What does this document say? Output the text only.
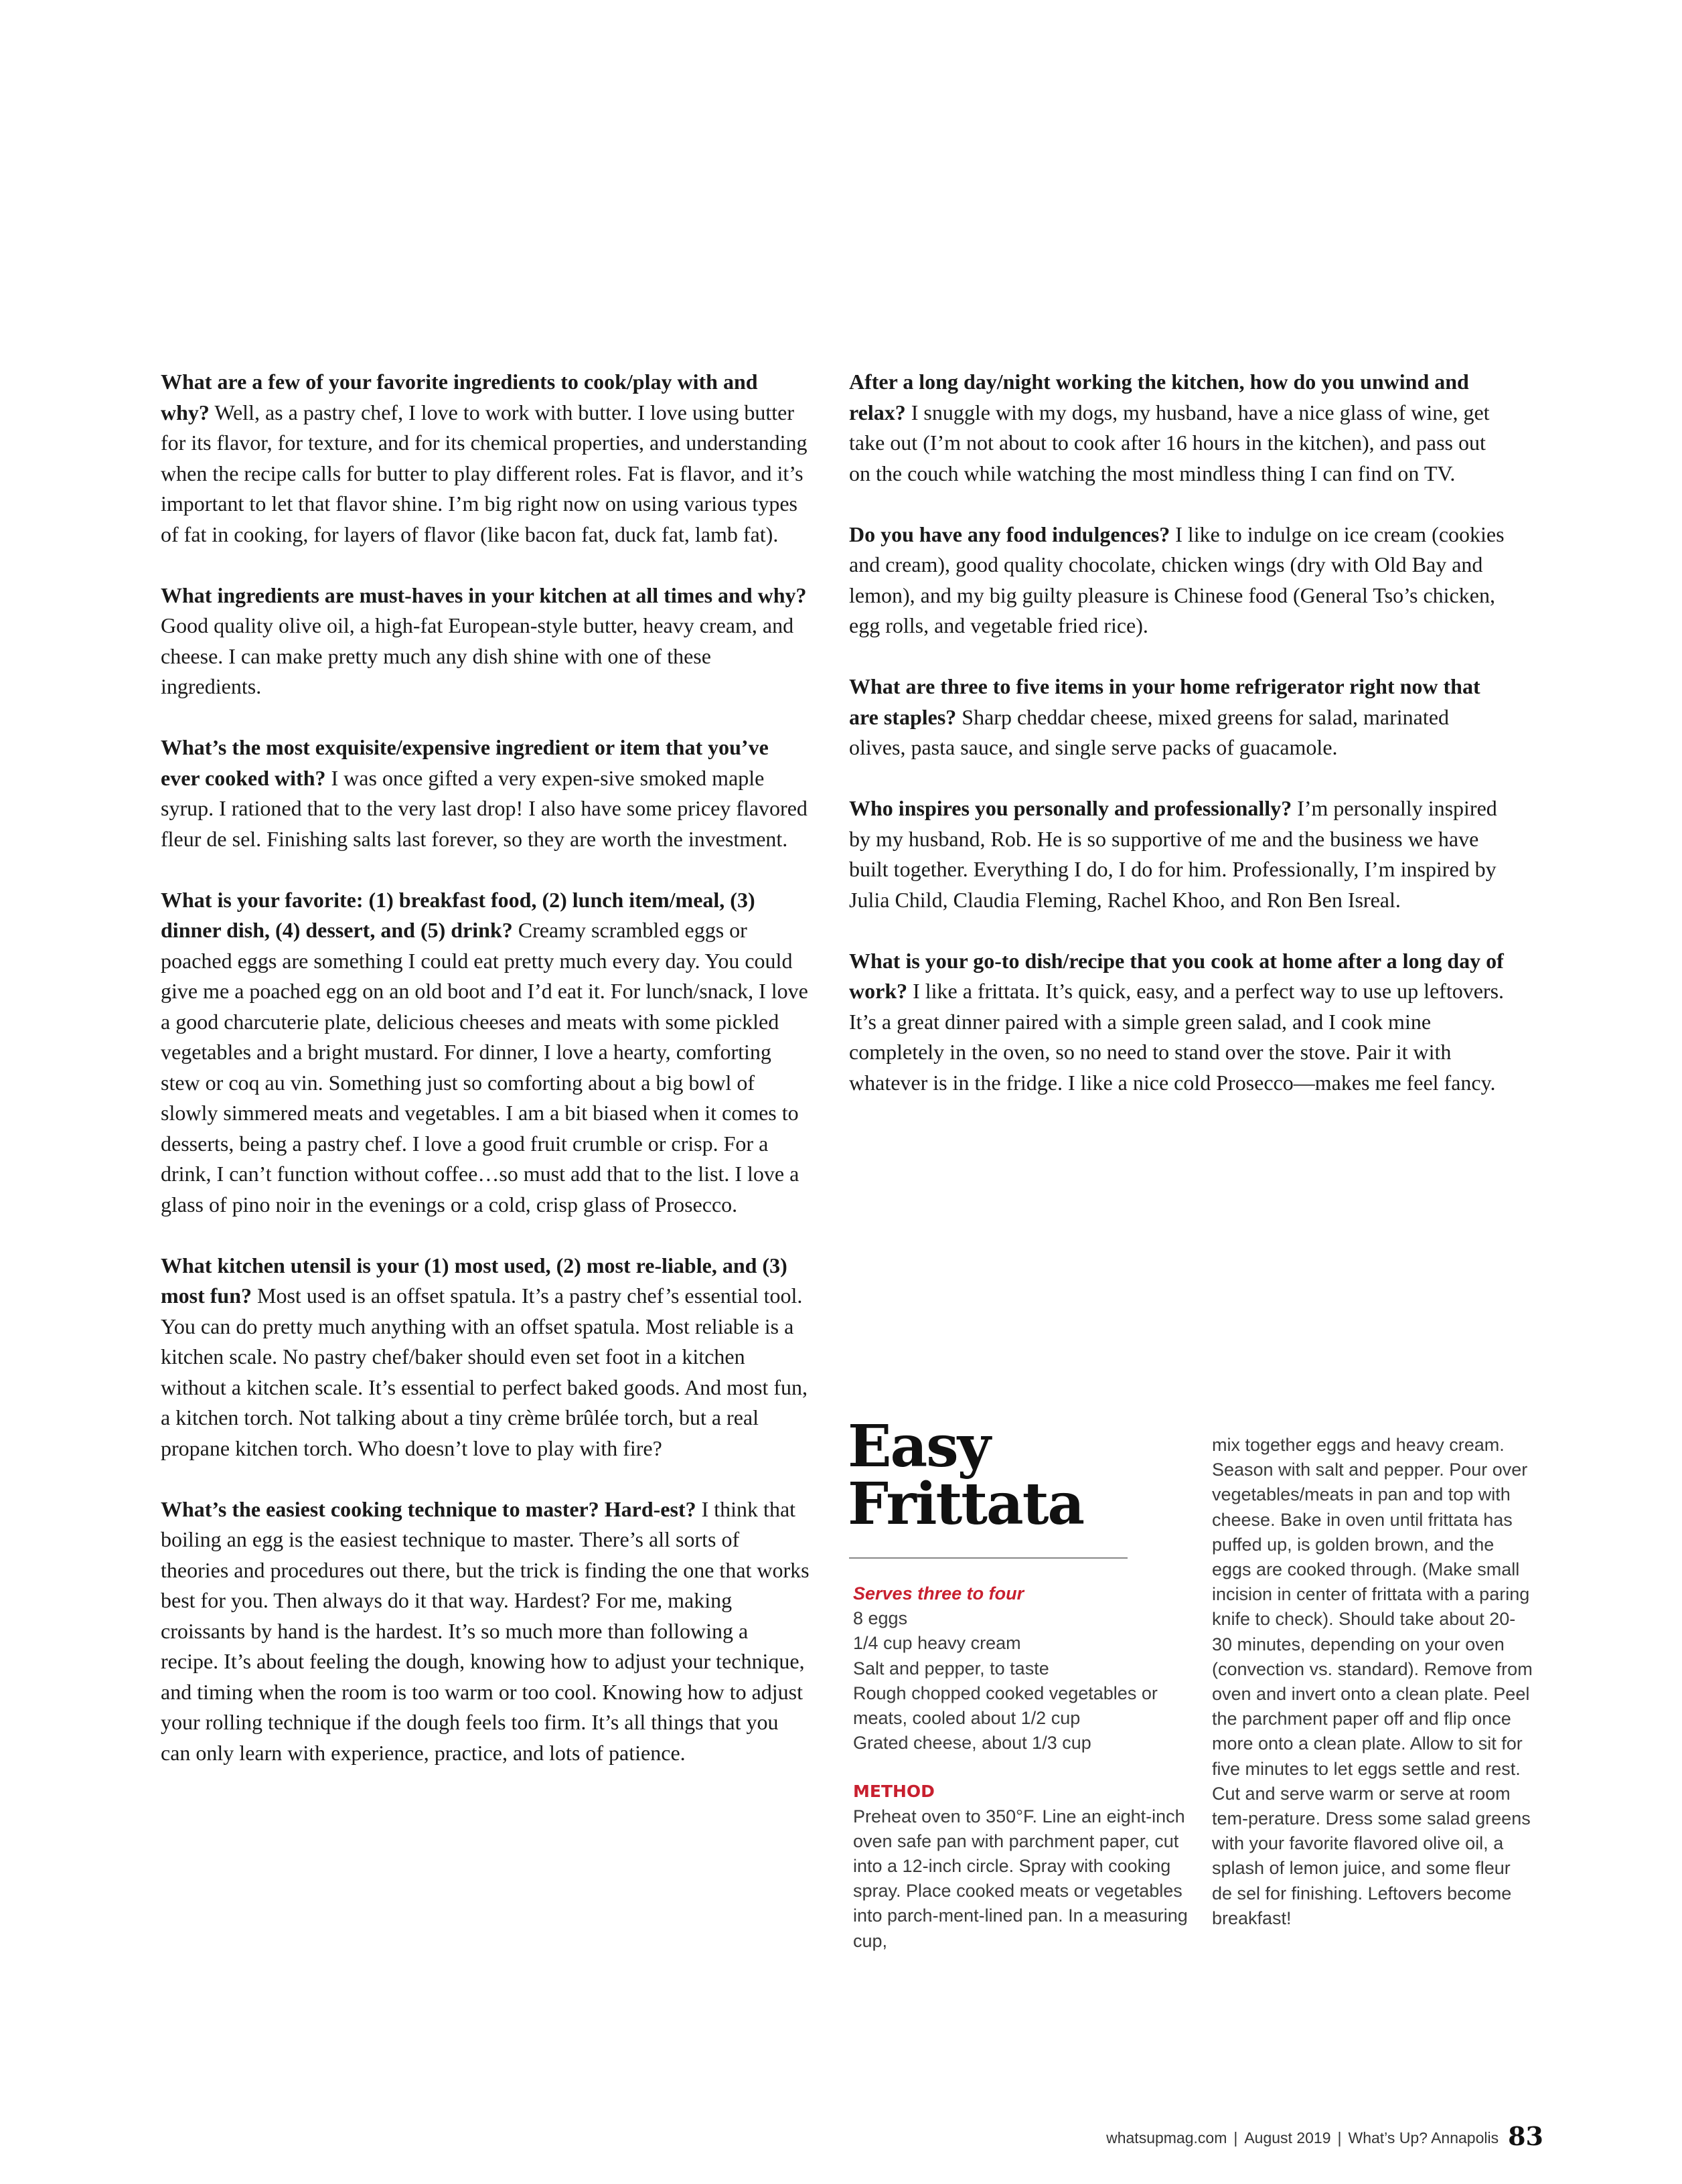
What are a few of your favorite ingredients to cook/play with and why? Well, as a pastry chef, I love to work with butter. I love using butter for its flavor, for texture, and for its chemical properties, and understanding when the recipe calls for butter to play different roles. Fat is flavor, and it’s important to let that flavor shine. I’m big right now on using various types of fat in cooking, for layers of flavor (like bacon fat, duck fat, lamb fat).

What ingredients are must-haves in your kitchen at all times and why? Good quality olive oil, a high-fat European-style butter, heavy cream, and cheese. I can make pretty much any dish shine with one of these ingredients.

What’s the most exquisite/expensive ingredient or item that you’ve ever cooked with? I was once gifted a very expen-sive smoked maple syrup. I rationed that to the very last drop! I also have some pricey flavored fleur de sel. Finishing salts last forever, so they are worth the investment.

What is your favorite: (1) breakfast food, (2) lunch item/meal, (3) dinner dish, (4) dessert, and (5) drink? Creamy scrambled eggs or poached eggs are something I could eat pretty much every day. You could give me a poached egg on an old boot and I’d eat it. For lunch/snack, I love a good charcuterie plate, delicious cheeses and meats with some pickled vegetables and a bright mustard. For dinner, I love a hearty, comforting stew or coq au vin. Something just so comforting about a big bowl of slowly simmered meats and vegetables. I am a bit biased when it comes to desserts, being a pastry chef. I love a good fruit crumble or crisp. For a drink, I can’t function without coffee…so must add that to the list. I love a glass of pino noir in the evenings or a cold, crisp glass of Prosecco.

What kitchen utensil is your (1) most used, (2) most re-liable, and (3) most fun? Most used is an offset spatula. It’s a pastry chef’s essential tool. You can do pretty much anything with an offset spatula. Most reliable is a kitchen scale. No pastry chef/baker should even set foot in a kitchen without a kitchen scale. It’s essential to perfect baked goods. And most fun, a kitchen torch. Not talking about a tiny crème brûlée torch, but a real propane kitchen torch. Who doesn’t love to play with fire?

What’s the easiest cooking technique to master? Hard-est? I think that boiling an egg is the easiest technique to master. There’s all sorts of theories and procedures out there, but the trick is finding the one that works best for you. Then always do it that way. Hardest? For me, making croissants by hand is the hardest. It’s so much more than following a recipe. It’s about feeling the dough, knowing how to adjust your technique, and timing when the room is too warm or too cool. Knowing how to adjust your rolling technique if the dough feels too firm. It’s all things that you can only learn with experience, practice, and lots of patience.

After a long day/night working the kitchen, how do you unwind and relax? I snuggle with my dogs, my husband, have a nice glass of wine, get take out (I’m not about to cook after 16 hours in the kitchen), and pass out on the couch while watching the most mindless thing I can find on TV.

Do you have any food indulgences? I like to indulge on ice cream (cookies and cream), good quality chocolate, chicken wings (dry with Old Bay and lemon), and my big guilty pleasure is Chinese food (General Tso’s chicken, egg rolls, and vegetable fried rice).

What are three to five items in your home refrigerator right now that are staples? Sharp cheddar cheese, mixed greens for salad, marinated olives, pasta sauce, and single serve packs of guacamole.

Who inspires you personally and professionally? I’m personally inspired by my husband, Rob. He is so supportive of me and the business we have built together. Everything I do, I do for him. Professionally, I’m inspired by Julia Child, Claudia Fleming, Rachel Khoo, and Ron Ben Isreal.

What is your go-to dish/recipe that you cook at home after a long day of work? I like a frittata. It’s quick, easy, and a perfect way to use up leftovers. It’s a great dinner paired with a simple green salad, and I cook mine completely in the oven, so no need to stand over the stove. Pair it with whatever is in the fridge. I like a nice cold Prosecco—makes me feel fancy.

Easy
Frittata
Serves three to four
8 eggs
1/4 cup heavy cream
Salt and pepper, to taste
Rough chopped cooked vegetables or meats, cooled about 1/2 cup
Grated cheese, about 1/3 cup
METHOD
Preheat oven to 350°F. Line an eight-inch oven safe pan with parchment paper, cut into a 12-inch circle. Spray with cooking spray. Place cooked meats or vegetables into parch-ment-lined pan. In a measuring cup,
mix together eggs and heavy cream. Season with salt and pepper. Pour over vegetables/meats in pan and top with cheese. Bake in oven until frittata has puffed up, is golden brown, and the eggs are cooked through. (Make small incision in center of frittata with a paring knife to check). Should take about 20-30 minutes, depending on your oven (convection vs. standard). Remove from oven and invert onto a clean plate. Peel the parchment paper off and flip once more onto a clean plate. Allow to sit for five minutes to let eggs settle and rest. Cut and serve warm or serve at room tem-perature. Dress some salad greens with your favorite flavored olive oil, a splash of lemon juice, and some fleur de sel for finishing. Leftovers become breakfast!
whatsupmag.com | August 2019 | What’s Up? Annapolis 83
